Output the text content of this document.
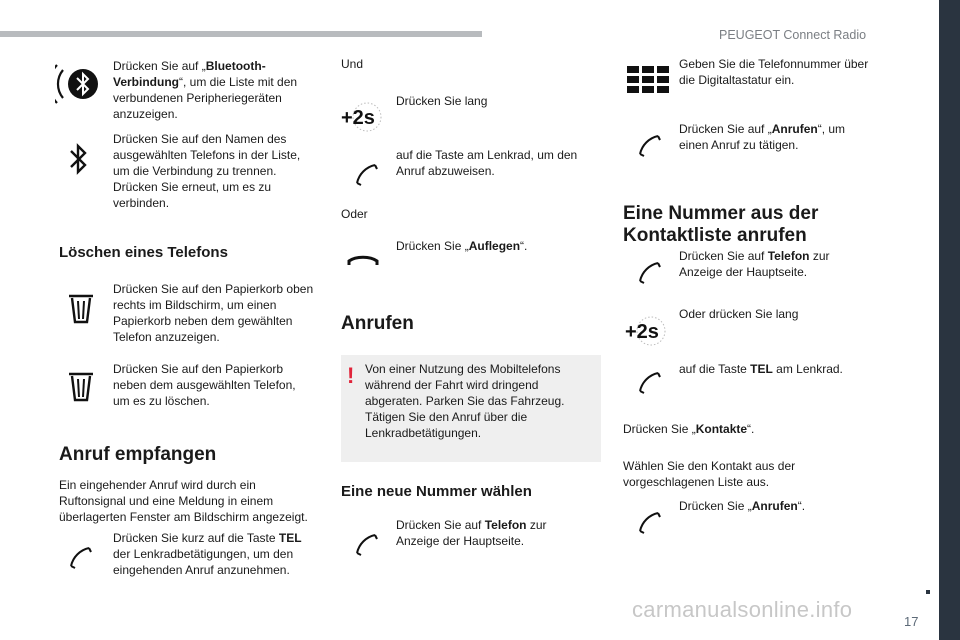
PEUGEOT Connect Radio
17
Drücken Sie auf „Bluetooth-Verbindung“, um die Liste mit den verbundenen Peripheriegeräten anzuzeigen.
Drücken Sie auf den Namen des ausgewählten Telefons in der Liste, um die Verbindung zu trennen. Drücken Sie erneut, um es zu verbinden.
Löschen eines Telefons
Drücken Sie auf den Papierkorb oben rechts im Bildschirm, um einen Papierkorb neben dem gewählten Telefon anzuzeigen.
Drücken Sie auf den Papierkorb neben dem ausgewählten Telefon, um es zu löschen.
Anruf empfangen
Ein eingehender Anruf wird durch ein Ruftonsignal und eine Meldung in einem überlagerten Fenster am Bildschirm angezeigt.
Drücken Sie kurz auf die Taste TEL der Lenkradbetätigungen, um den eingehenden Anruf anzunehmen.
Und
+2s
Drücken Sie lang
auf die Taste am Lenkrad, um den Anruf abzuweisen.
Oder
Drücken Sie „Auflegen“.
Anrufen
! Von einer Nutzung des Mobiltelefons während der Fahrt wird dringend abgeraten. Parken Sie das Fahrzeug. Tätigen Sie den Anruf über die Lenkradbetätigungen.
Eine neue Nummer wählen
Drücken Sie auf Telefon zur Anzeige der Hauptseite.
Geben Sie die Telefonnummer über die Digitaltastatur ein.
Drücken Sie auf „Anrufen“, um einen Anruf zu tätigen.
Eine Nummer aus der Kontaktliste anrufen
Drücken Sie auf Telefon zur Anzeige der Hauptseite.
+2s
Oder drücken Sie lang
auf die Taste TEL am Lenkrad.
Drücken Sie „Kontakte“.
Wählen Sie den Kontakt aus der vorgeschlagenen Liste aus.
Drücken Sie „Anrufen“.
carmanualsonline.info
